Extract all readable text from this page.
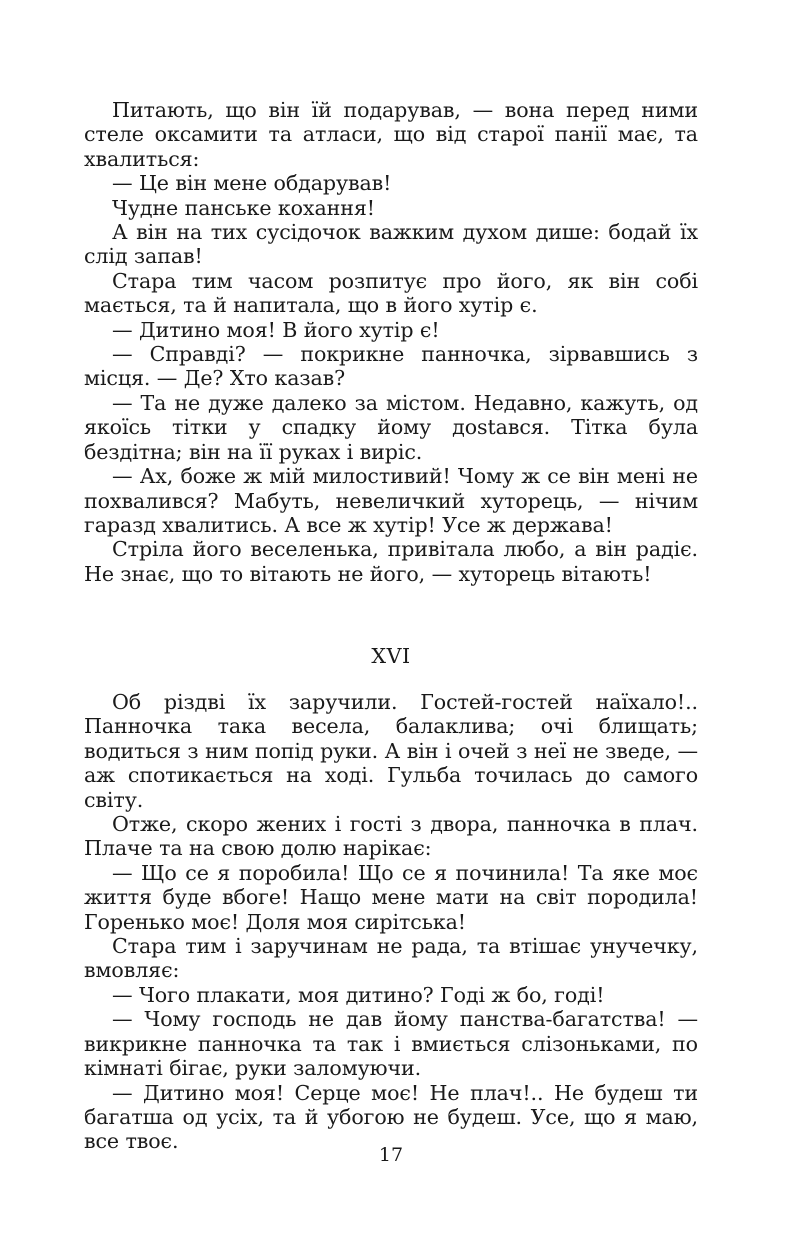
Питають, що він їй подарував, — вона перед ними стеле оксамити та атласи, що від старої панії має, та хвалиться:

— Це він мене обдарував!

Чудне панське кохання!

А він на тих сусідочок важким духом дише: бодай їх слід запав!

Стара тим часом розпитує про його, як він собі мається, та й напитала, що в його хутір є.

— Дитино моя! В його хутір є!

— Справді? — покрикне панночка, зірвавшись з місця. — Де? Хто казав?

— Та не дуже далеко за містом. Недавно, кажуть, од якоїсь тітки у спадку йому дostався. Тітка була бездітна; він на її руках і виріс.

— Ах, боже ж мій милостивий! Чому ж се він мені не похвалився? Мабуть, невеличкий хуторець, — нічим гаразд хвалитись. А все ж хутір! Усе ж держава!

Стріла його веселенька, привітала любо, а він радіє. Не знає, що то вітають не його, — хуторець вітають!

XVI

Об різдві їх заручили. Гостей-гостей наїхало!.. Панночка така весела, балаклива; очі блищать; водиться з ним попід руки. А він і очей з неї не зведе, — аж спотикається на ході. Гульба точилась до самого світу.

Отже, скоро жених і гості з двора, панночка в плач. Плаче та на свою долю нарікає:

— Що се я поробила! Що се я починила! Та яке моє життя буде вбоге! Нащо мене мати на світ породила! Горенько моє! Доля моя сирітська!

Стара тим і заручинам не рада, та втішає унучечку, вмовляє:

— Чого плакати, моя дитино? Годі ж бо, годі!

— Чому господь не дав йому панства-багатства! — викрикне панночка та так і вмиється слізоньками, по кімнаті бігає, руки заломуючи.

— Дитино моя! Серце моє! Не плач!.. Не будеш ти багатша од усіх, та й убогою не будеш. Усе, що я маю, все твоє.

17
